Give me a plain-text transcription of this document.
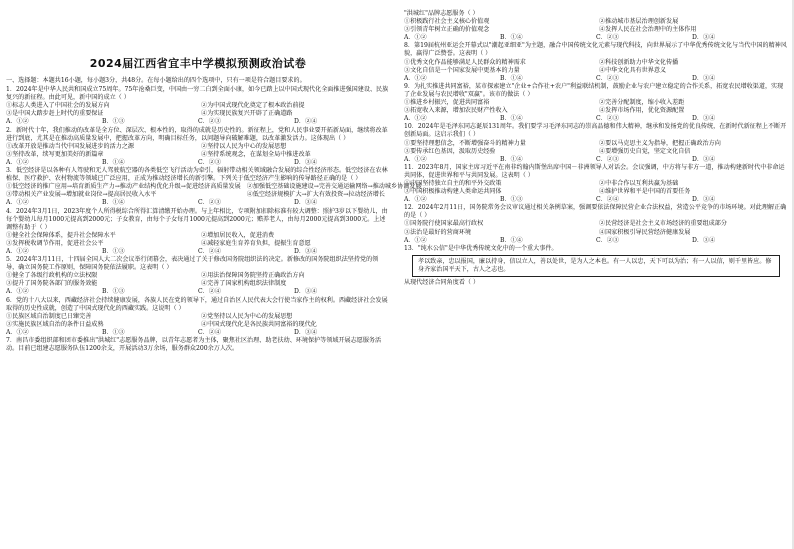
2024届江西省宜丰中学模拟预测政治试卷
一、选择题：本题共16小题，每小题3分，共48分。在每小题给出的四个选项中，只有一项是符合题目要求的。

1．2024年是中华人民共和国成立75周年。75年沧桑巨变，中国由一穷二白到全面小康，如今已踏上以中国式现代化全面推进强国建设、民族复兴的新征程。由此可见，新中国的成立（ ）

①标志人类进入了中国社会的发展方向	②为中国式现代化奠定了根本政治前提
③是中国大踏步赶上时代的重要保证	④为实现民族复兴开辟了正确道路
A．①②	B．①③	C．②③	D．②④

2．新时代十年，我们推动的改革是全方位、深层次、根本性的，取得的成就是历史性的。新征程上，党和人民事业要开拓新局面，继续将改革进行到底，尤其是在推动高质量发展中，把握改革方向，明确目标任务，以问题导向破解难题，以改革激发活力。这体现出（ ）

①改革开放是推动当代中国发展进步的活力之源	②坚持以人民为中心的发展思想
③坚持改革，续写更加美好的新篇章	④坚持系统观念，在谋划全局中推进改革
A．①②	B．①④	C．②③	D．③④

3．低空经济是以各种有人驾驶和无人驾驶航空器的各类低空飞行活动为牵引，辐射带动相关领域融合发展的综合性经济形态。低空经济在农林植保、医疗救护、农村物流等领域已广泛应用，正成为推动经济增长的新引擎。下列关于低空经济产生影响的传导路径正确的是（ ）

①低空经济的推广应用→培育新质生产力→推动产业结构优化升级→促进经济高质量发展 ②加强低空基础设施建设→完善交通运输网络→推动城乡协调发展
③带动相关产业发展→增加就业岗位→提高居民收入水平	④低空经济规模扩大→扩大有效投资→拉动经济增长
A．①②	B．①④	C．②③	D．③④

4．2024年3月1日，2023年度个人所得税综合所得汇算清缴开始办理。与上年相比，专项附加扣除标准有较大调整：照护3岁以下婴幼儿，由每个婴幼儿每月1000元提高到2000元；子女教育，由每个子女每月1000元提高到2000元；赡养老人，由每月2000元提高到3000元。上述调整有助于（ ）

①健全社会保障体系，提升社会保障水平	②增加居民收入，促进消费
③发挥税收调节作用，促进社会公平	④减轻家庭生育养育负担，提振生育意愿
A．①②	B．①③	C．②④	D．③④

5．2024年3月11日，十四届全国人大二次会议举行闭幕会，表决通过了关于修改国务院组织法的决定。新修改的国务院组织法坚持党的领导，确立国务院工作原则，保障国务院依法履职。这表明（ ）

①健全了各级行政机构的立法权限	②用法治保障国务院坚持正确政治方向
③提升了国务院各部门的服务效能	④完善了国家机构组织法律制度
A．①②	B．①③	C．②④	D．③④

6．党的十八大以来，西藏经济社会持续健康发展，各族人民在党的领导下，通过自治区人民代表大会行使当家作主的权利。西藏经济社会发展取得的历史性成就，创造了中国式现代化的西藏实践。这说明（ ）

①民族区域自治制度已日臻完善	②党坚持以人民为中心的发展思想
③实施民族区域自治的条件日益成熟	④中国式现代化是各民族共同富裕的现代化
A．①②	B．①③	C．②④	D．③④

7．南昌市委组织部和团市委推出"洪城红"志愿服务品牌，以青年志愿者为主体，聚焦社区治理、助老扶幼、环境保护等领域开展志愿服务活动。目前已组建志愿服务队伍1200余支，开展活动3万余场，服务群众200余万人次。

"洪城红"品牌志愿服务（ ）

①积极践行社会主义核心价值观	②推动城市基层治理创新发展
③引领青年树立正确的价值观念	④发挥人民在社会治理中的主体作用
A．①②	B．①④	C．②③	D．③④

8．第19届杭州亚运会开幕式以"潮起亚细亚"为主题，融合中国传统文化元素与现代科技，向世界展示了中华优秀传统文化与当代中国的精神风貌，赢得广泛赞誉。这表明（ ）

①优秀文化作品能够满足人民群众的精神需求	②科技创新助力中华文化传播
③文化自信是一个国家发展中更基本的力量	④中华文化具有世界意义
A．①②	B．①④	C．②③	D．③④

9．为扎实推进共同富裕，某市探索建立"企业+合作社+农户"利益联结机制，鼓励企业与农户建立稳定的合作关系，拓宽农民增收渠道，实现了企业发展与农民增收"双赢"。该市的做法（ ）

①推进乡村振兴，促进共同富裕	②完善分配制度，缩小收入差距
③拓宽收入来源，增加农民财产性收入	④发挥市场作用，优化资源配置
A．①②	B．①④	C．②③	D．③④

10．2024年是毛泽东同志诞辰131周年。我们要学习毛泽东同志的崇高品德和伟大精神，继承和发扬党的优良传统，在新时代新征程上不断开创新局面。这启示我们（ ）

①要坚持理想信念，不断增强奋斗的精神力量	②要以马克思主义为指导，把握正确政治方向
③要传承红色基因，汲取历史经验	④要增强历史自觉，坚定文化自信
A．①②	B．①④	C．②③	D．③④

11．2023年8月，国家主席习近平在南非约翰内斯堡出席中国－非洲领导人对话会。会议强调，中方将与非方一道，推动构建新时代中非命运共同体，促进世界和平与共同发展。这表明（ ）

①中国坚持独立自主的和平外交政策	②中非合作以互利共赢为基础
③中国积极推动构建人类命运共同体	④维护世界和平是中国的首要任务
A．①②	B．①③	C．②④	D．③④

12．2024年2月11日，国务院常务会议审议通过相关条例草案，强调要依法保障民营企业合法权益，营造公平竞争的市场环境。对此理解正确的是（ ）

①国务院行使国家最高行政权	②民营经济是社会主义市场经济的重要组成部分
③法治是最好的营商环境	④国家积极引导民营经济健康发展
A．①②	B．①④	C．②③	D．③④

13．"纯水公信"是中华优秀传统文化中的一个重大事件。

孝以致亲，忠以报国，廉以持身，信以立人，善以处世，是为人之本也。有一人以忠，天下可以为治；有一人以信，则千里皆应。修身齐家治国平天下，古人之志也。

从现代经济合同角度看（ ）
